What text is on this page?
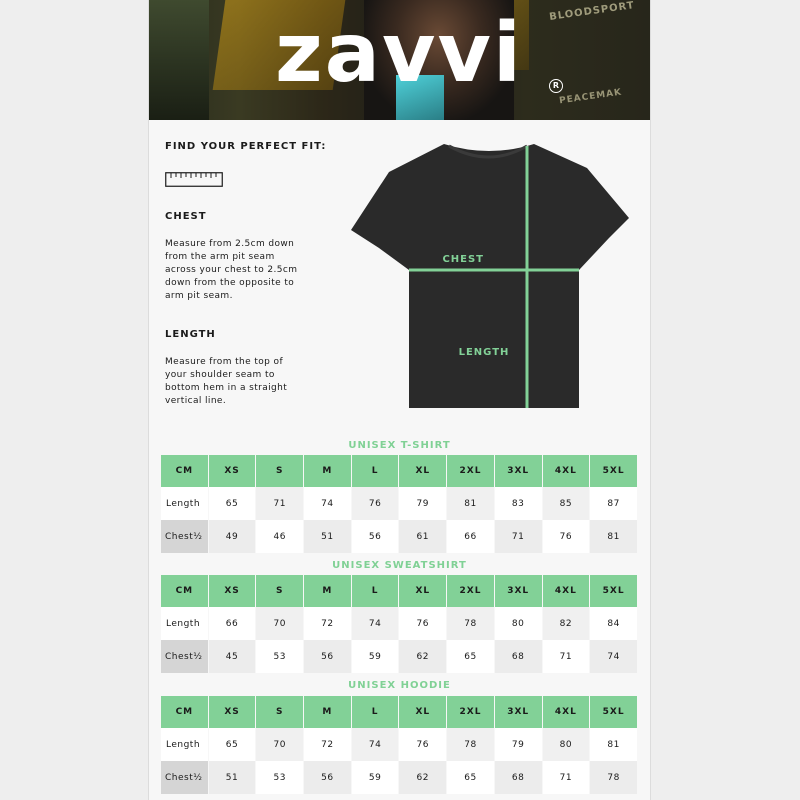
BLOODSPORT
PEACEMAK
zavvi	R
FIND YOUR PERFECT FIT:
CHEST
Measure from 2.5cm down
from the arm pit seam
across your chest to 2.5cm
down from the opposite to
arm pit seam.
LENGTH
Measure from the top of
your shoulder seam to
bottom hem in a straight
vertical line.
CHEST
LENGTH
UNISEX T-SHIRT
CM	XS	S	M	L	XL	2XL	3XL	4XL	5XL
Length	65	71	74	76	79	81	83	85	87
Chest½	49	46	51	56	61	66	71	76	81
UNISEX SWEATSHIRT
CM	XS	S	M	L	XL	2XL	3XL	4XL	5XL
Length	66	70	72	74	76	78	80	82	84
Chest½	45	53	56	59	62	65	68	71	74
UNISEX HOODIE
CM	XS	S	M	L	XL	2XL	3XL	4XL	5XL
Length	65	70	72	74	76	78	79	80	81
Chest½	51	53	56	59	62	65	68	71	78
